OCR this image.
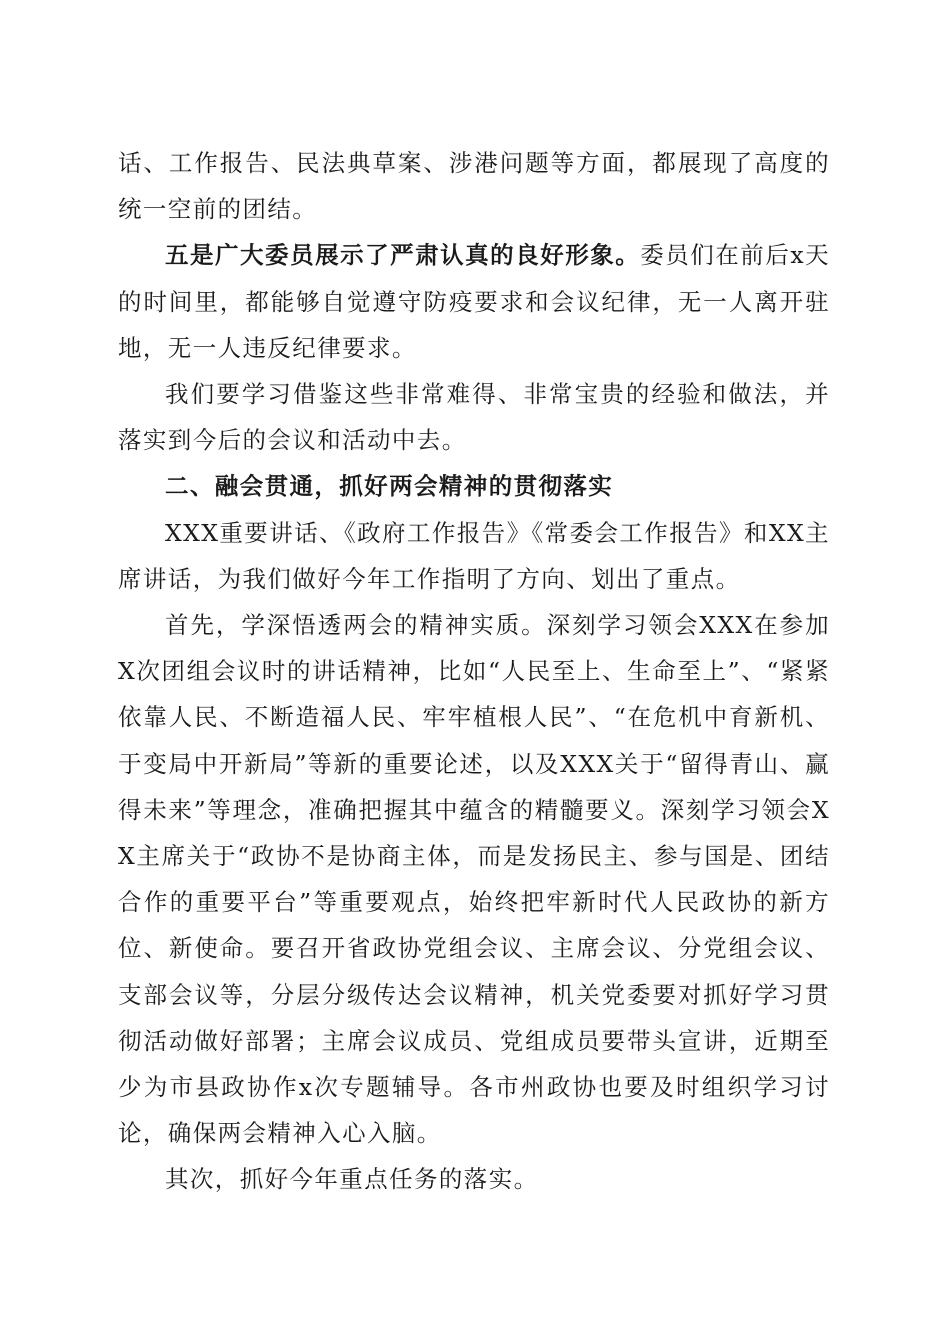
话、工作报告、民法典草案、涉港问题等方面，都展现了高度的统一空前的团结。

五是广大委员展示了严肃认真的良好形象。委员们在前后x天的时间里，都能够自觉遵守防疫要求和会议纪律，无一人离开驻地，无一人违反纪律要求。

我们要学习借鉴这些非常难得、非常宝贵的经验和做法，并落实到今后的会议和活动中去。

二、融会贯通，抓好两会精神的贯彻落实

XXX重要讲话、《政府工作报告》《常委会工作报告》和XX主席讲话，为我们做好今年工作指明了方向、划出了重点。

首先，学深悟透两会的精神实质。深刻学习领会XXX在参加X次团组会议时的讲话精神，比如“人民至上、生命至上”、“紧紧依靠人民、不断造福人民、牢牢植根人民”、“在危机中育新机、于变局中开新局”等新的重要论述，以及XXX关于“留得青山、赢得未来”等理念，准确把握其中蕴含的精髓要义。深刻学习领会XX主席关于“政协不是协商主体，而是发扬民主、参与国是、团结合作的重要平台”等重要观点，始终把牢新时代人民政协的新方位、新使命。要召开省政协党组会议、主席会议、分党组会议、支部会议等，分层分级传达会议精神，机关党委要对抓好学习贯彻活动做好部署；主席会议成员、党组成员要带头宣讲，近期至少为市县政协作x次专题辅导。各市州政协也要及时组织学习讨论，确保两会精神入心入脑。

其次，抓好今年重点任务的落实。
